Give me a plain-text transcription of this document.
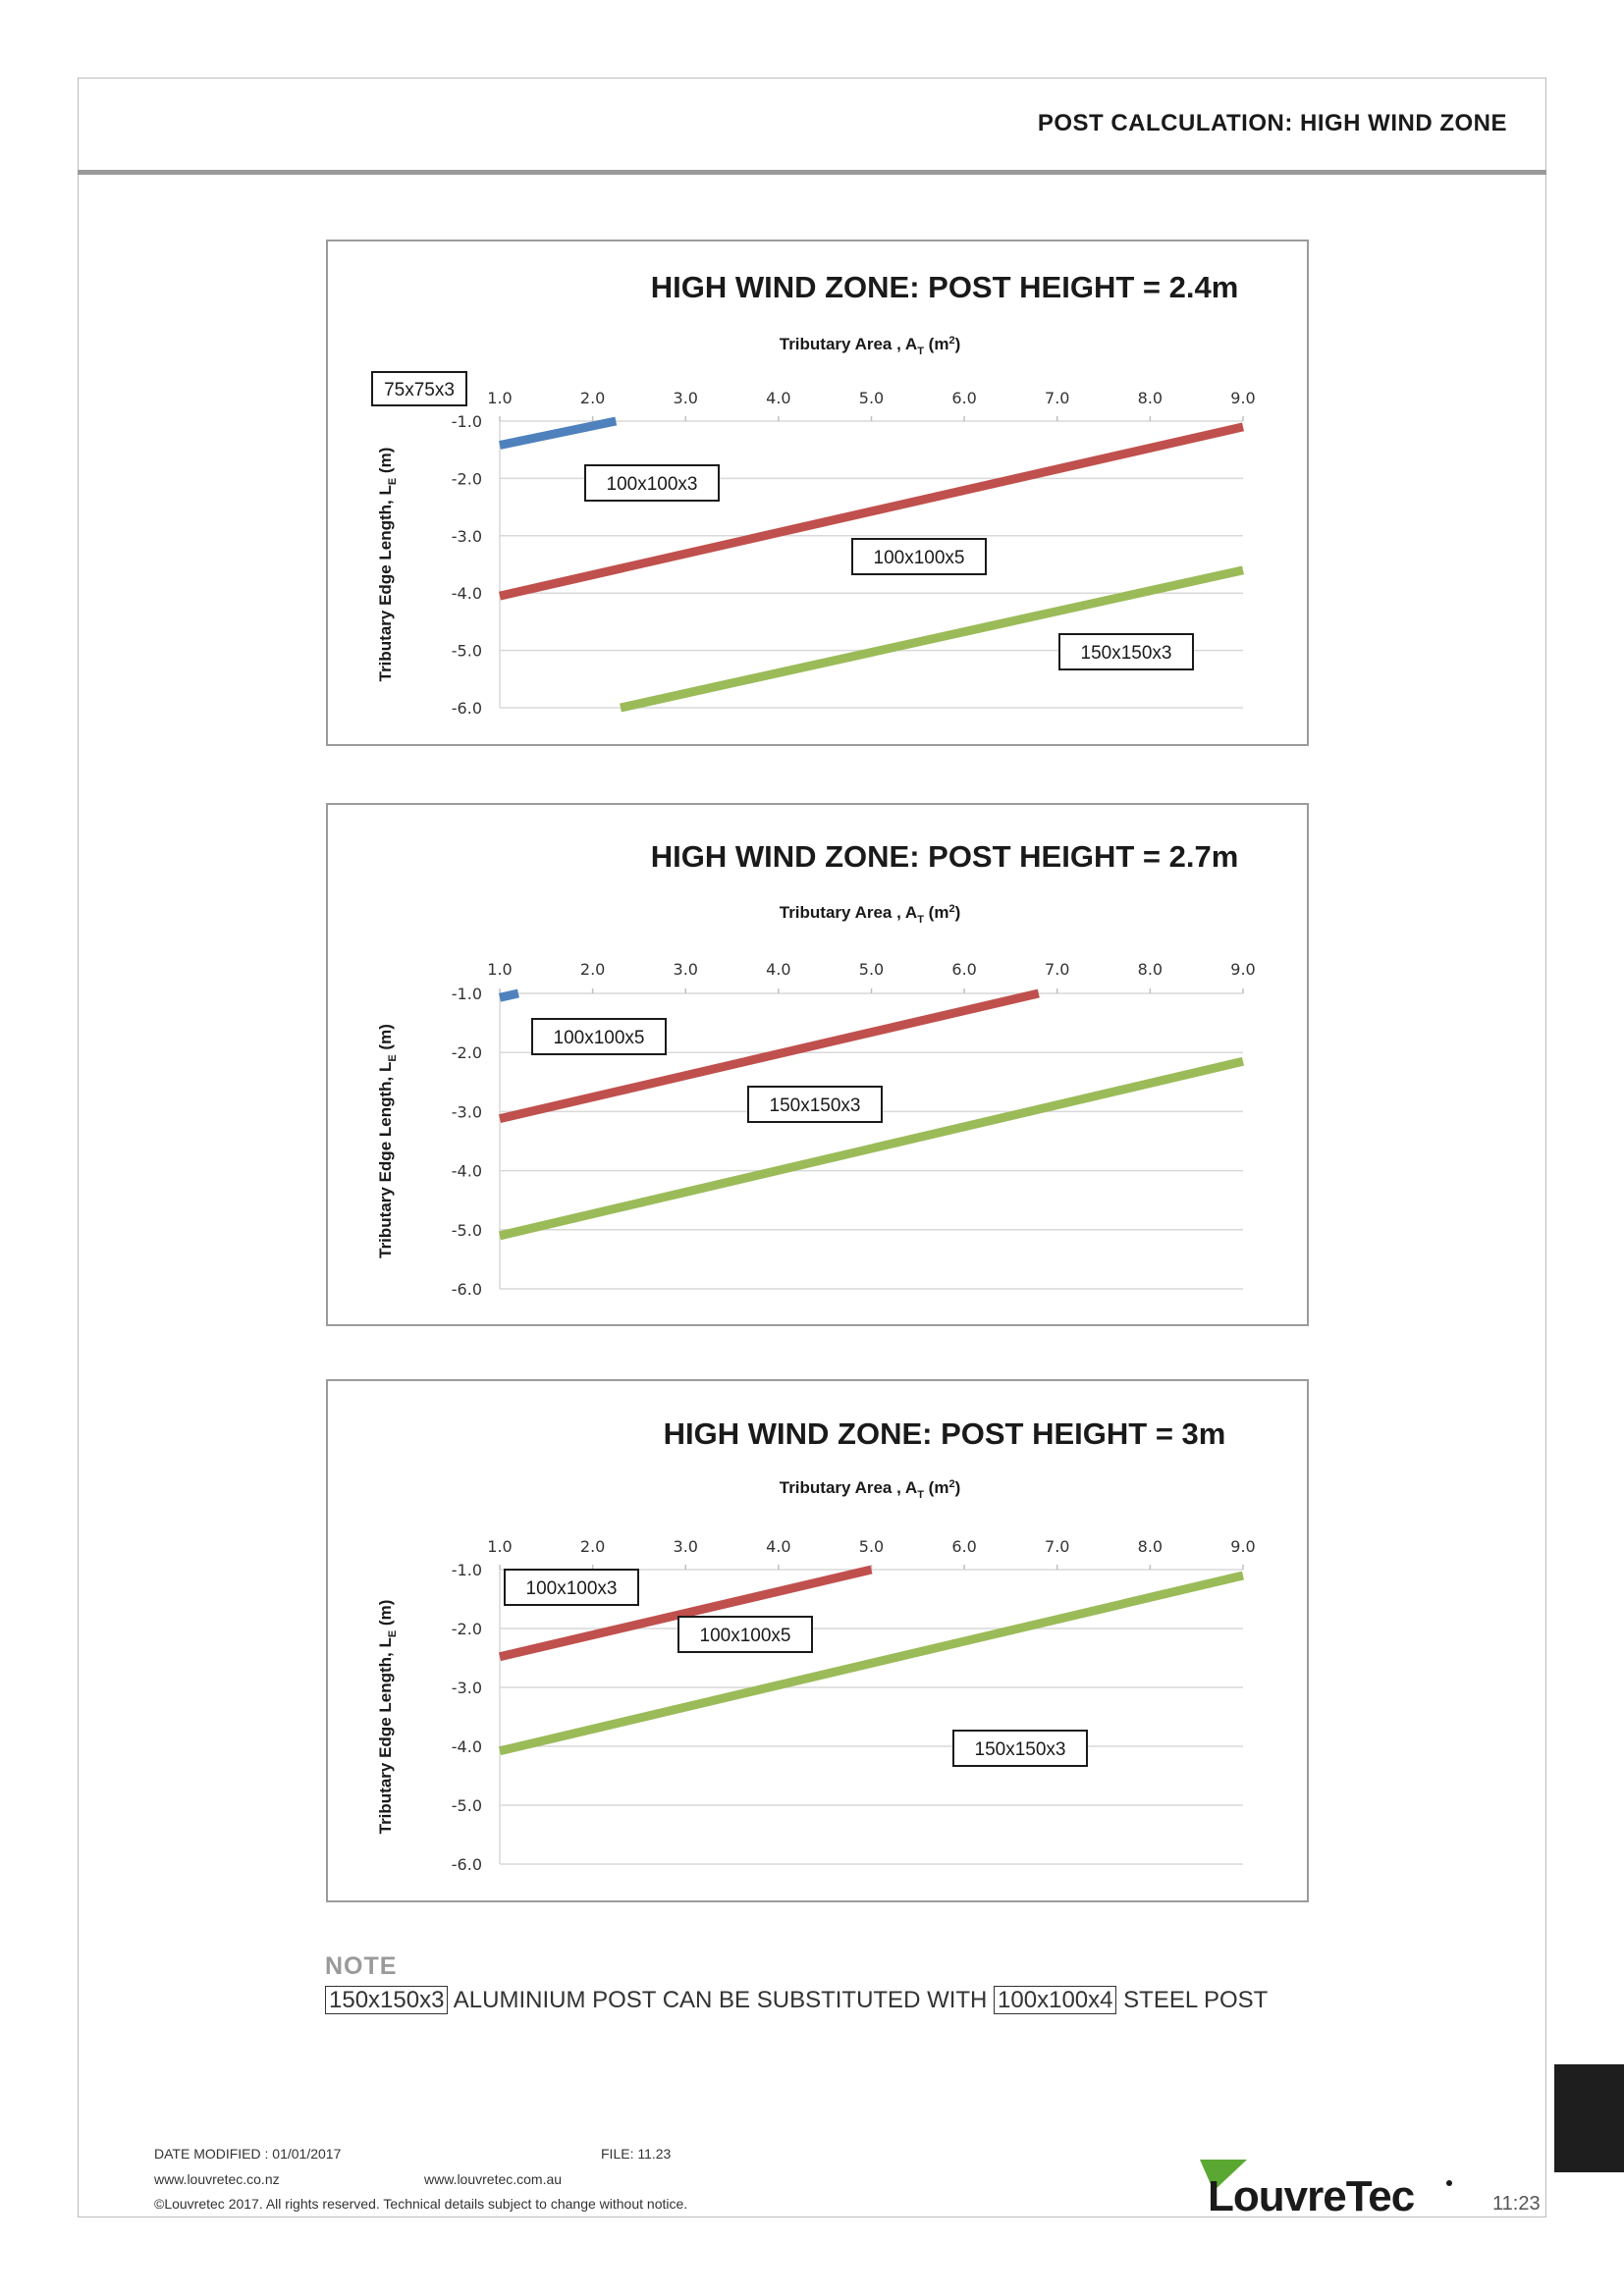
POST CALCULATION: HIGH WIND ZONE
HIGH WIND ZONE: POST HEIGHT = 2.4m
Tributary Area , $A_T$ $(m^2)$
Tributary Edge Length, $L_E$ (m)
-1.0
-2.0
-3.0
-4.0
-5.0
-6.0
1.0	2.0	3.0	4.0	5.0	6.0	7.0	8.0	9.0
75x75x3
100x100x3
100x100x5
150x150x3
HIGH WIND ZONE: POST HEIGHT = 2.7m
Tributary Area , $A_T$ $(m^2)$
Tributary Edge Length, $L_E$ (m)
-1.0
-2.0
-3.0
-4.0
-5.0
-6.0
1.0	2.0	3.0	4.0	5.0	6.0	7.0	8.0	9.0
100x100x5
150x150x3
HIGH WIND ZONE: POST HEIGHT = 3m
Tributary Area , $A_T$ $(m^2)$
Tributary Edge Length, $L_E$ (m)
-1.0
-2.0
-3.0
-4.0
-5.0
-6.0
1.0	2.0	3.0	4.0	5.0	6.0	7.0	8.0	9.0
100x100x3
100x100x5
150x150x3
NOTE
150x150x3 ALUMINIUM POST CAN BE SUBSTITUTED WITH 100x100x4 STEEL POST
DATE MODIFIED : 01/01/2017	FILE: 11.23
www.louvretec.co.nz	www.louvretec.com.au
©Louvretec 2017. All rights reserved. Technical details subject to change without notice.	LouvreTec	11:23
